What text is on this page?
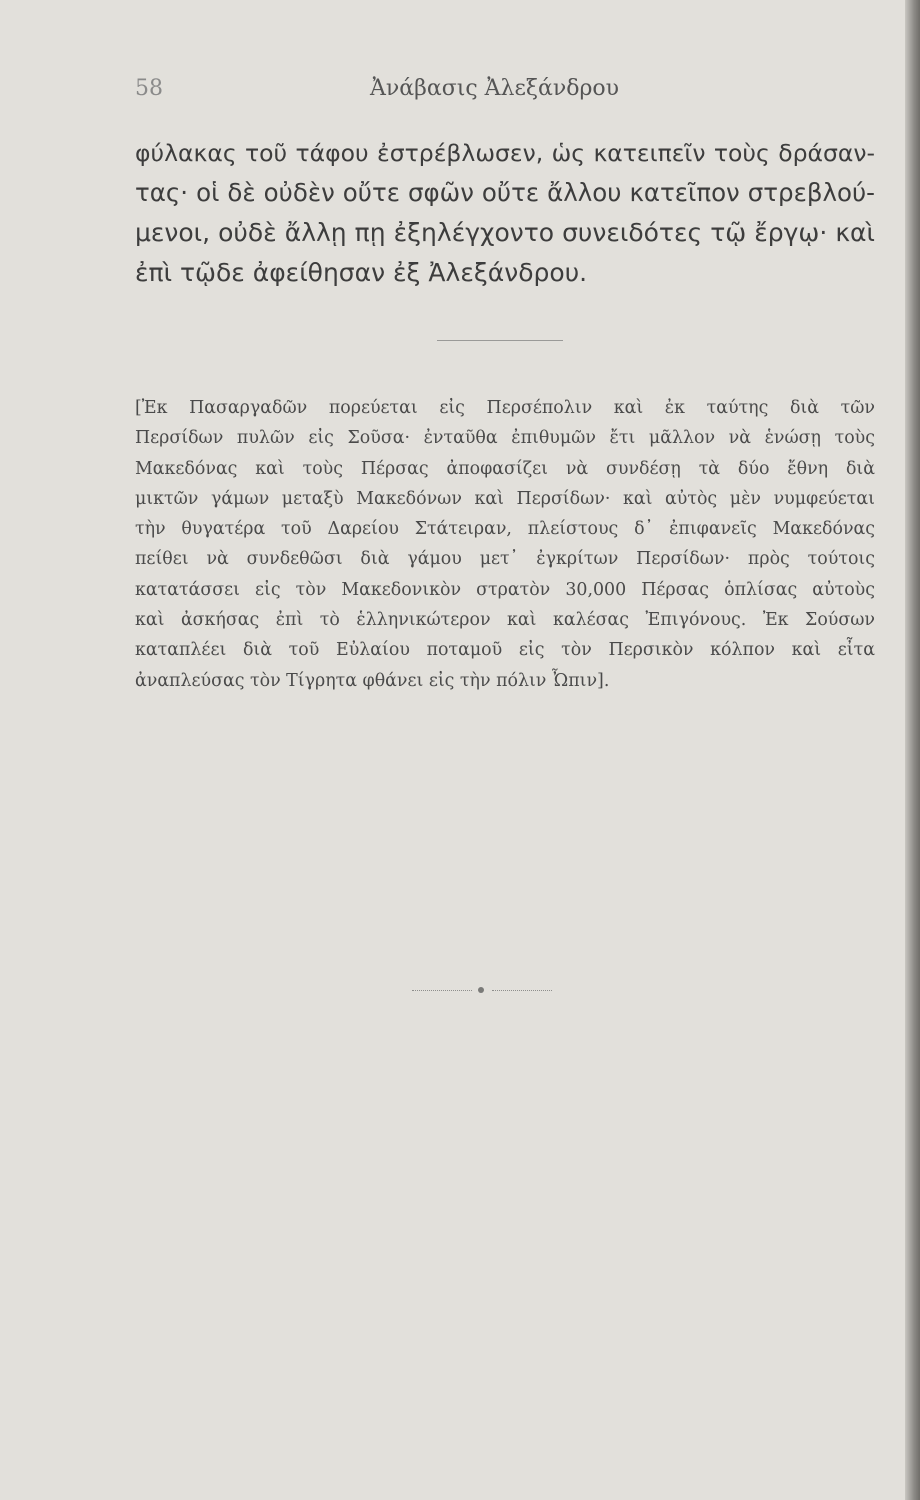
58	Ἀνάβασις Ἀλεξάνδρου
φύλακας τοῦ τάφου ἐστρέβλωσεν, ὡς κατειπεῖν τοὺς δράσαν-
τας· οἱ δὲ οὐδὲν οὔτε σφῶν οὔτε ἄλλου κατεῖπον στρεβλού-
μενοι, οὐδὲ ἄλλῃ πῃ ἐξηλέγχοντο συνειδότες τῷ ἔργῳ· καὶ
ἐπὶ τῷδε ἀφείθησαν ἐξ Ἀλεξάνδρου.
[Ἐκ Πασαργαδῶν πορεύεται εἰς Περσέπολιν καὶ ἐκ ταύτης διὰ τῶν
Περσίδων πυλῶν εἰς Σοῦσα· ἐνταῦθα ἐπιθυμῶν ἔτι μᾶλλον νὰ ἑνώσῃ τοὺς
Μακεδόνας καὶ τοὺς Πέρσας ἀποφασίζει νὰ συνδέσῃ τὰ δύο ἔθνη διὰ
μικτῶν γάμων μεταξὺ Μακεδόνων καὶ Περσίδων· καὶ αὐτὸς μὲν νυμφεύεται
τὴν θυγατέρα τοῦ Δαρείου Στάτειραν, πλείστους δ᾽ ἐπιφανεῖς Μακεδόνας
πείθει νὰ συνδεθῶσι διὰ γάμου μετ᾽ ἐγκρίτων Περσίδων· πρὸς τούτοις
κατατάσσει εἰς τὸν Μακεδονικὸν στρατὸν 30,000 Πέρσας ὁπλίσας αὐτοὺς
καὶ ἀσκήσας ἐπὶ τὸ ἑλληνικώτερον καὶ καλέσας Ἐπιγόνους. Ἐκ Σούσων
καταπλέει διὰ τοῦ Εὐλαίου ποταμοῦ εἰς τὸν Περσικὸν κόλπον καὶ εἶτα
ἀναπλεύσας τὸν Τίγρητα φθάνει εἰς τὴν πόλιν Ὦπιν].
